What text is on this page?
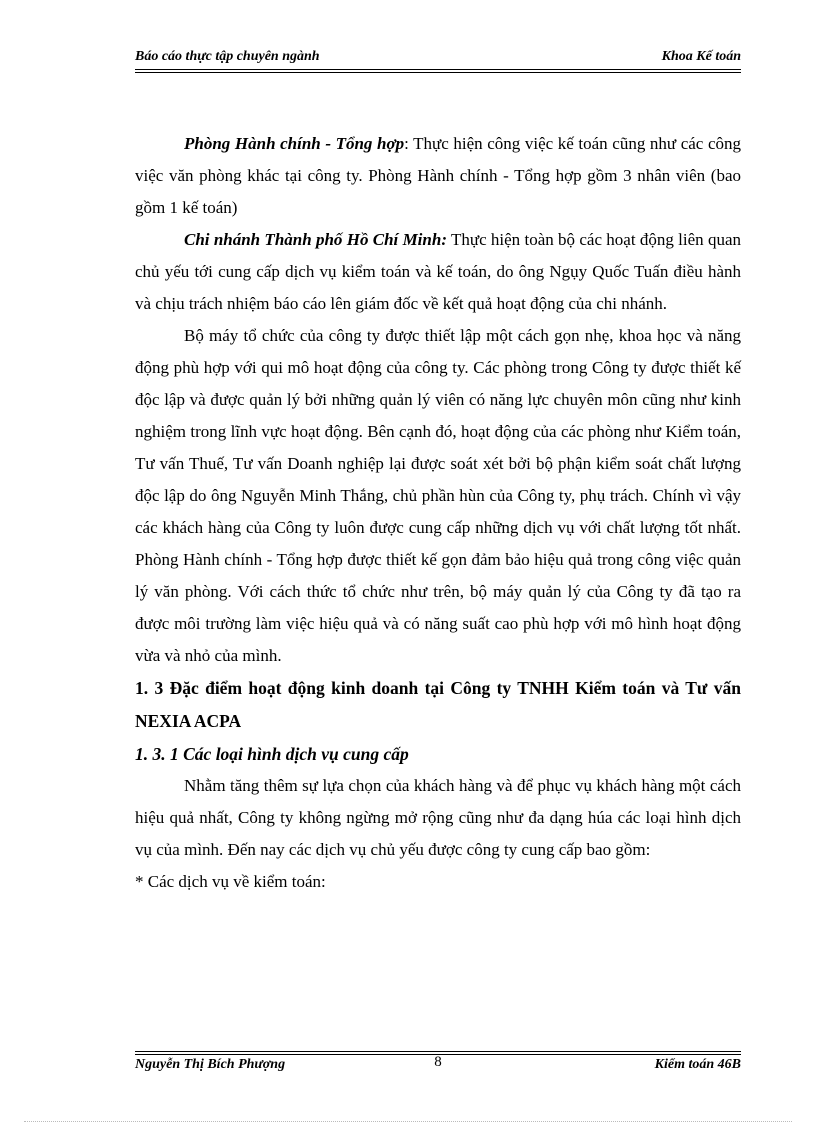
Báo cáo thực tập chuyên ngành	Khoa Kế toán

Phòng Hành chính - Tổng hợp: Thực hiện công việc kế toán cũng như các công việc văn phòng khác tại công ty. Phòng Hành chính - Tổng hợp gồm 3 nhân viên (bao gồm 1 kế toán)

Chi nhánh Thành phố Hồ Chí Minh: Thực hiện toàn bộ các hoạt động liên quan chủ yếu tới cung cấp dịch vụ kiểm toán và kế toán, do ông Ngụy Quốc Tuấn điều hành và chịu trách nhiệm báo cáo lên giám đốc về kết quả hoạt động của chi nhánh.

Bộ máy tổ chức của công ty được thiết lập một cách gọn nhẹ, khoa học và năng động phù hợp với qui mô hoạt động của công ty. Các phòng trong Công ty được thiết kế độc lập và được quản lý bởi những quản lý viên có năng lực chuyên môn cũng như kinh nghiệm trong lĩnh vực hoạt động. Bên cạnh đó, hoạt động của các phòng như Kiểm toán, Tư vấn Thuế, Tư vấn Doanh nghiệp lại được soát xét bởi bộ phận kiểm soát chất lượng độc lập do ông Nguyễn Minh Thắng, chủ phần hùn của Công ty, phụ trách. Chính vì vậy các khách hàng của Công ty luôn được cung cấp những dịch vụ với chất lượng tốt nhất. Phòng Hành chính - Tổng hợp được thiết kế gọn đảm bảo hiệu quả trong công việc quản lý văn phòng. Với cách thức tổ chức như trên, bộ máy quản lý của Công ty đã tạo ra được môi trường làm việc hiệu quả và có năng suất cao phù hợp với mô hình hoạt động vừa và nhỏ của mình.

1. 3 Đặc điểm hoạt động kinh doanh tại Công ty TNHH Kiểm toán và Tư vấn NEXIA ACPA

1. 3. 1 Các loại hình dịch vụ cung cấp

Nhằm tăng thêm sự lựa chọn của khách hàng và để phục vụ khách hàng một cách hiệu quả nhất, Công ty không ngừng mở rộng cũng như đa dạng húa các loại hình dịch vụ của mình. Đến nay các dịch vụ chủ yếu được công ty cung cấp bao gồm:

* Các dịch vụ về kiểm toán:

Nguyễn Thị Bích Phượng	8	Kiểm toán 46B
